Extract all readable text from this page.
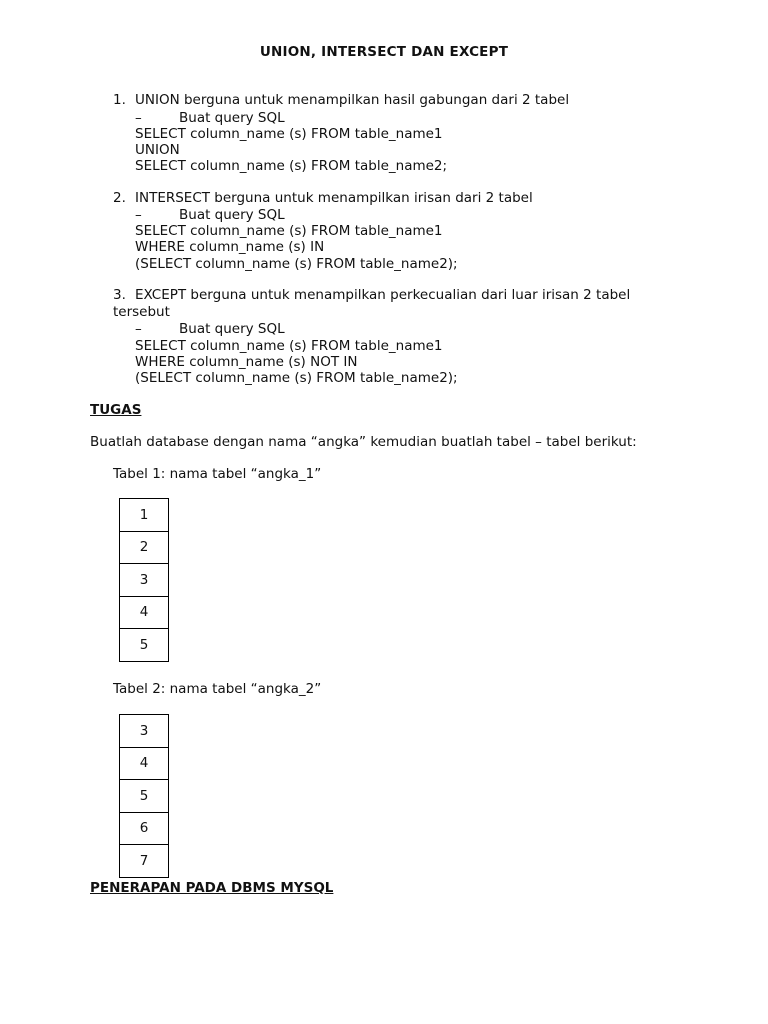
UNION, INTERSECT DAN EXCEPT
1. UNION berguna untuk menampilkan hasil gabungan dari 2 tabel
–	Buat query SQL
SELECT column_name (s) FROM table_name1
UNION
SELECT column_name (s) FROM table_name2;
2. INTERSECT berguna untuk menampilkan irisan dari 2 tabel
–	Buat query SQL
SELECT column_name (s) FROM table_name1
WHERE column_name (s) IN
(SELECT column_name (s) FROM table_name2);
3. EXCEPT berguna untuk menampilkan perkecualian dari luar irisan 2 tabel
tersebut
–	Buat query SQL
SELECT column_name (s) FROM table_name1
WHERE column_name (s) NOT IN
(SELECT column_name (s) FROM table_name2);
TUGAS
Buatlah database dengan nama “angka” kemudian buatlah tabel – tabel berikut:
Tabel 1: nama tabel “angka_1”
1
2
3
4
5
Tabel 2: nama tabel “angka_2”
3
4
5
6
7
PENERAPAN PADA DBMS MYSQL
